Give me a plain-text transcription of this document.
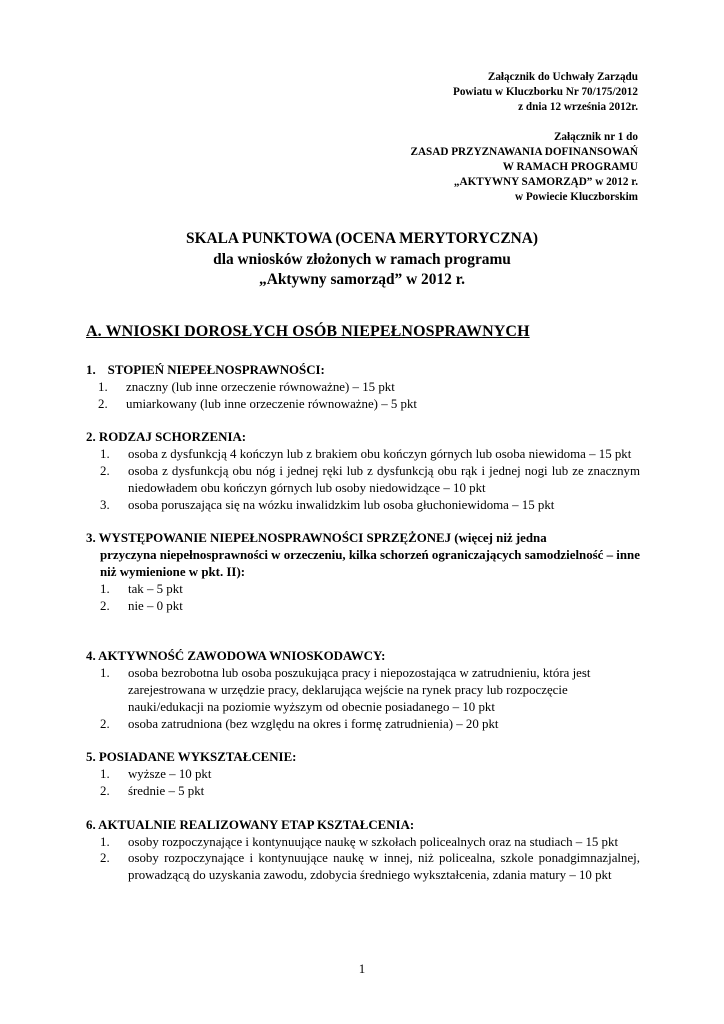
Załącznik do Uchwały Zarządu
Powiatu w Kluczborku Nr 70/175/2012
z dnia 12 września 2012r.
Załącznik nr 1 do
ZASAD PRZYZNAWANIA DOFINANSOWAŃ
W RAMACH PROGRAMU
„AKTYWNY SAMORZĄD” w 2012 r.
w Powiecie Kluczborskim
SKALA PUNKTOWA (OCENA MERYTORYCZNA)
dla wniosków złożonych w ramach programu
„Aktywny samorząd” w 2012 r.
A. WNIOSKI DOROSŁYCH OSÓB NIEPEŁNOSPRAWNYCH
1. STOPIEŃ NIEPEŁNOSPRAWNOŚCI:
1. znaczny (lub inne orzeczenie równoważne) – 15 pkt
2. umiarkowany (lub inne orzeczenie równoważne) – 5 pkt
2. RODZAJ SCHORZENIA:
1. osoba z dysfunkcją 4 kończyn lub z brakiem obu kończyn górnych lub osoba niewidoma – 15 pkt
2. osoba z dysfunkcją obu nóg i jednej ręki lub z dysfunkcją obu rąk i jednej nogi lub ze znacznym niedowładem obu kończyn górnych lub osoby niedowidzące – 10 pkt
3. osoba poruszająca się na wózku inwalidzkim lub osoba głuchoniewidoma – 15 pkt
3. WYSTĘPOWANIE NIEPEŁNOSPRAWNOŚCI SPRZĘŻONEJ (więcej niż jedna
przyczyna niepełnosprawności w orzeczeniu, kilka schorzeń ograniczających samodzielność – inne niż wymienione w pkt. II):
1. tak – 5 pkt
2. nie – 0 pkt
4. AKTYWNOŚĆ ZAWODOWA WNIOSKODAWCY:
1. osoba bezrobotna lub osoba poszukująca pracy i niepozostająca w zatrudnieniu, która jest zarejestrowana w urzędzie pracy, deklarująca wejście na rynek pracy lub rozpoczęcie nauki/edukacji na poziomie wyższym od obecnie posiadanego – 10 pkt
2. osoba zatrudniona (bez względu na okres i formę zatrudnienia) – 20 pkt
5. POSIADANE WYKSZTAŁCENIE:
1. wyższe – 10 pkt
2. średnie – 5 pkt
6. AKTUALNIE REALIZOWANY ETAP KSZTAŁCENIA:
1. osoby rozpoczynające i kontynuujące naukę w szkołach policealnych oraz na studiach – 15 pkt
2. osoby rozpoczynające i kontynuujące naukę w innej, niż policealna, szkole ponadgimnazjalnej, prowadzącą do uzyskania zawodu, zdobycia średniego wykształcenia, zdania matury – 10 pkt
1
